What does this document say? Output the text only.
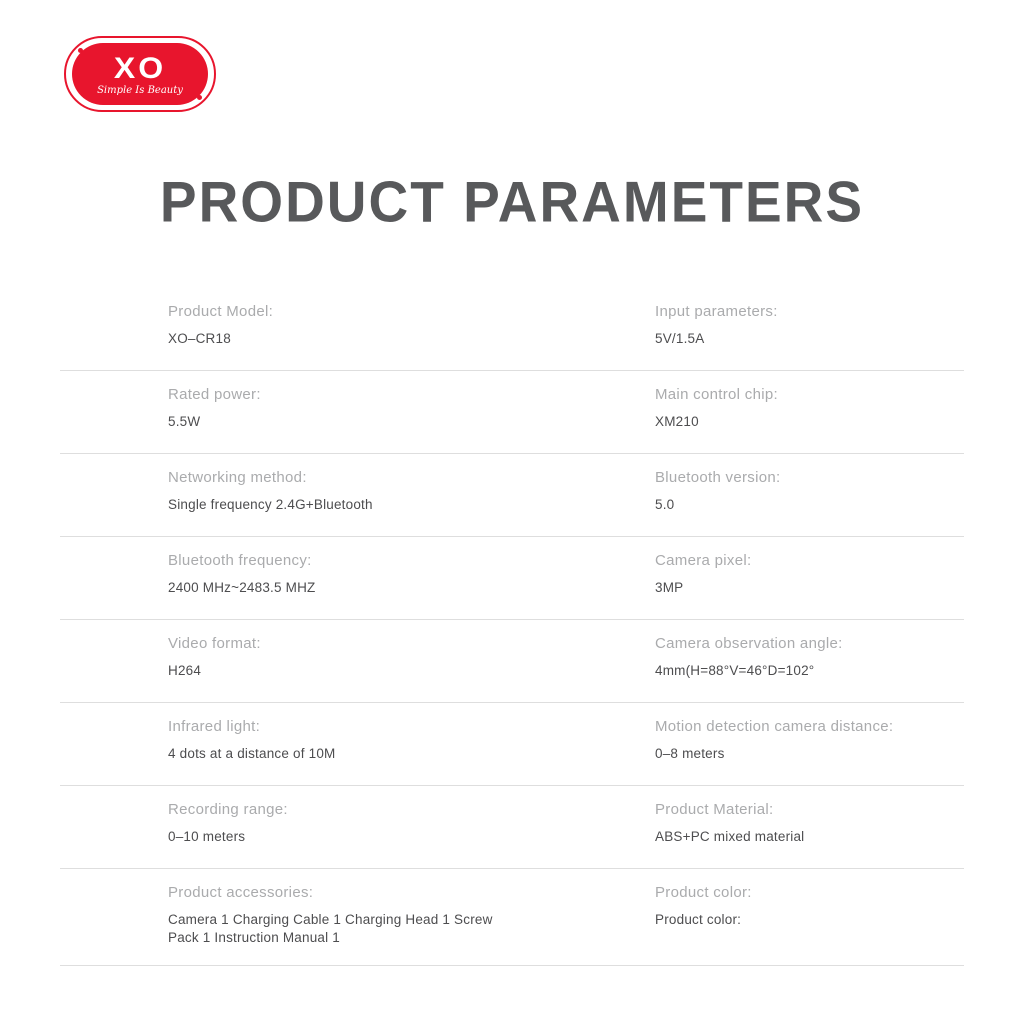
XO
Simple Is Beauty
PRODUCT PARAMETERS
Product Model:
XO–CR18
Input parameters:
5V/1.5A
Rated power:
5.5W
Main control chip:
XM210
Networking method:
Single frequency 2.4G+Bluetooth
Bluetooth version:
5.0
Bluetooth frequency:
2400 MHz~2483.5 MHZ
Camera pixel:
3MP
Video format:
H264
Camera observation angle:
4mm(H=88°V=46°D=102°
Infrared light:
4 dots at a distance of 10M
Motion detection camera distance:
0–8 meters
Recording range:
0–10 meters
Product Material:
ABS+PC mixed material
Product accessories:
Camera 1 Charging Cable 1 Charging Head 1 Screw Pack 1 Instruction Manual 1
Product color:
Product color:
